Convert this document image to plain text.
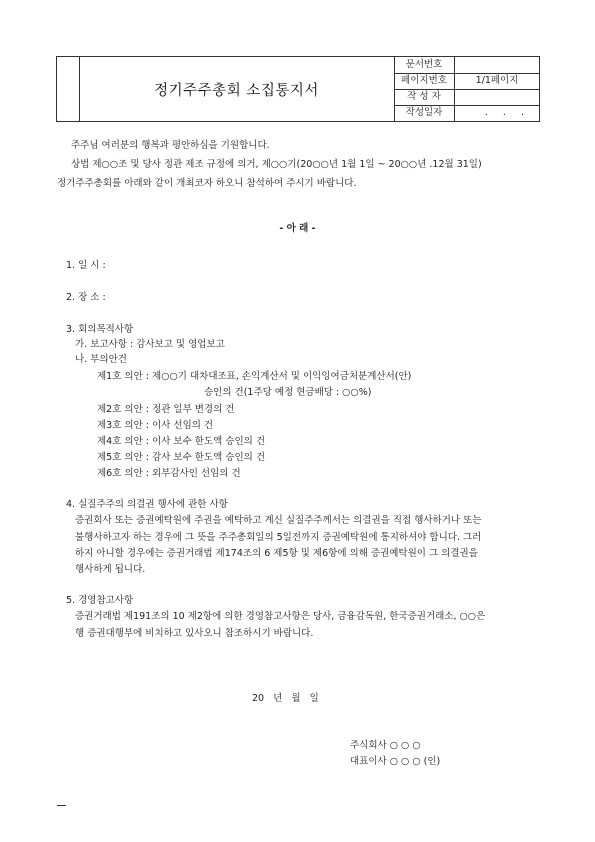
정기주주총회 소집통지서
문서번호
페이지번호	1/1페이지
작 성 자
작성일자	. . .
주주님 여러분의 행복과 평안하심을 기원합니다.
상법 제○○조 및 당사 정관 제조 규정에 의거, 제○○기(20○○년 1월 1일 ~ 20○○년 .12월 31일)
정기주주총회를 아래와 같이 개최코자 하오니 참석하여 주시기 바랍니다.
- 아 래 -
1. 일 시 :
2. 장 소 :
3. 회의목적사항
가. 보고사항 : 감사보고 및 영업보고
나. 부의안건
제1호 의안 : 제○○기 대차대조표, 손익계산서 및 이익잉여금처분계산서(안)
승인의 건(1주당 예정 현금배당 : ○○%)
제2호 의안 : 정관 일부 변경의 건
제3호 의안 : 이사 선임의 건
제4호 의안 : 이사 보수 한도액 승인의 건
제5호 의안 : 감사 보수 한도액 승인의 건
제6호 의안 : 외부감사인 선임의 건
4. 실질주주의 의결권 행사에 관한 사항
증권회사 또는 증권예탁원에 주권을 예탁하고 계신 실질주주께서는 의결권을 직접 행사하거나 또는
불행사하고자 하는 경우에 그 뜻을 주주총회일의 5일전까지 증권예탁원에 통지하셔야 합니다. 그러
하지 아니할 경우에는 증권거래법 제174조의 6 제5항 및 제6항에 의해 증권예탁원이 그 의결권을
행사하게 됩니다.
5. 경영참고사항
증권거래법 제191조의 10 제2항에 의한 경영참고사항은 당사, 금융감독원, 한국증권거래소, ○○은
행 증권대행부에 비치하고 있사오니 참조하시기 바랍니다.
20   년   월   일
주식회사 ○ ○ ○
대표이사 ○ ○ ○ (인)
